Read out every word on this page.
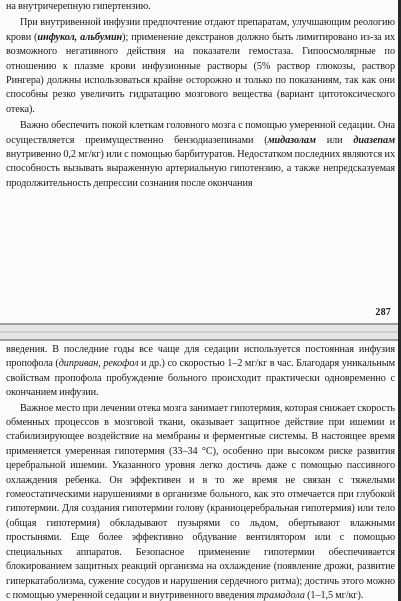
на внутричерепную гипертензию.

При внутривенной инфузии предпочтение отдают препаратам, улучшающим реологию крови (инфукол, альбумин); применение декстранов должно быть лимитировано из-за их возможного негативного действия на показатели гемостаза. Гипоосмолярные по отношению к плазме крови инфузионные растворы (5% раствор глюкозы, раствор Рингера) должны использоваться крайне осторожно и только по показаниям, так как они способны резко увеличить гидратацию мозгового вещества (вариант цитотоксического отека).

Важно обеспечить покой клеткам головного мозга с помощью умеренной седации. Она осуществляется преимущественно бензодиазепинами (мидазолам или диазепам внутривенно 0,2 мг/кг) или с помощью барбитуратов. Недостатком последних являются их способность вызывать выраженную артериальную гипотензию, а также непредсказуемая продолжительность депрессии сознания после окончания

287

введения. В последние годы все чаще для седации используется постоянная инфузия пропофола (диприван, рекофол и др.) со скоростью 1–2 мг/кг в час. Благодаря уникальным свойствам пропофола пробуждение больного происходит практически одновременно с окончанием инфузии.

Важное место при лечении отека мозга занимает гипотермия, которая снижает скорость обменных процессов в мозговой ткани, оказывает защитное действие при ишемии и стабилизирующее воздействие на мембраны и ферментные системы. В настоящее время применяется умеренная гипотермия (33–34 °С), особенно при высоком риске развития церебральной ишемии. Указанного уровня легко достичь даже с помощью пассивного охлаждения ребенка. Он эффективен и в то же время не связан с тяжелыми гомеостатическими нарушениями в организме больного, как это отмечается при глубокой гипотермии. Для создания гипотермии голову (краниоцеребральная гипотермия) или тело (общая гипотермия) обкладывают пузырями со льдом, обертывают влажными простынями. Еще более эффективно обдувание вентилятором или с помощью специальных аппаратов. Безопасное применение гипотермии обеспечивается блокированием защитных реакций организма на охлаждение (появление дрожи, развитие гиперкатаболизма, сужение сосудов и нарушения сердечного ритма); достичь этого можно с помощью умеренной седации и внутривенного введения трамадола (1–1,5 мг/кг).
